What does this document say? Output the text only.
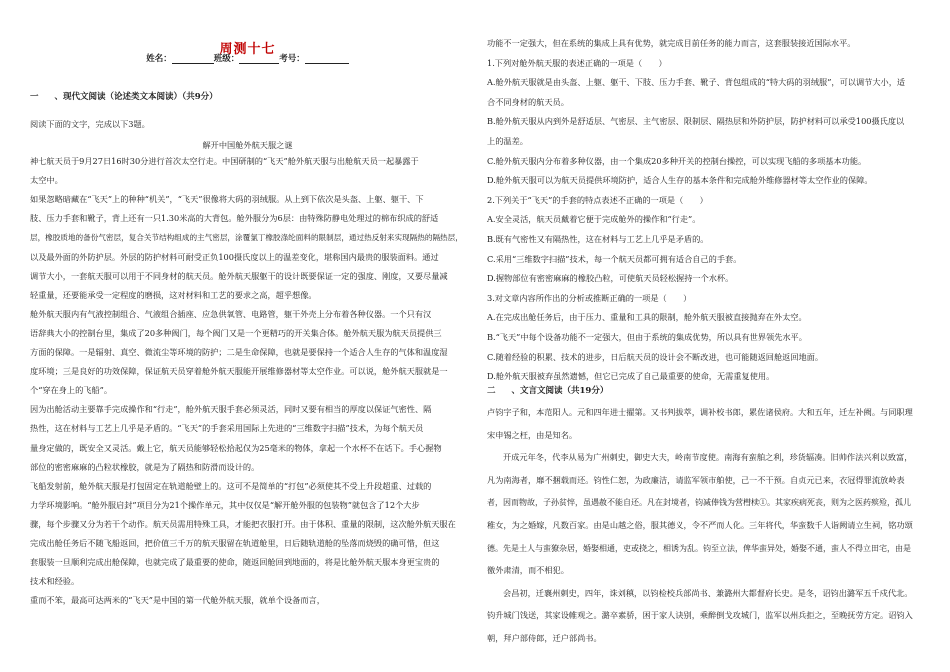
周测十七
姓名：	班级：	考号：
一 、现代文阅读（论述类文本阅读）（共9分）
阅读下面的文字，完成以下3题。
解开中国舱外航天服之谜
神七航天员于9月27日16时30分进行首次太空行走。中国研制的“飞天”舱外航天服与出舱航天员一起暴露于
太空中。
如果忽略暗藏在“飞天”上的种种“机关”，“飞天”很像将大码的羽绒服。从上到下依次是头盔、上躯、躯干、下
肢、压力手套和靴子，背上还有一只1.30米高的大背包。舱外服分为6层：由特殊防静电处理过的棉布织成的舒适
层，橡胶质地的备份气密层，复合关节结构组成的主气密层，涂覆氯丁橡胶涤纶面料的限制层，通过热反射来实现隔热的隔热层，
以及最外面的外防护层。外层的防护材料可耐受正负100摄氏度以上的温差变化，堪称国内最贵的服装面料。通过
调节大小，一套航天服可以用于不同身材的航天员。舱外航天服躯干的设计既要保证一定的强度、刚度，又要尽量减
轻重量，还要能承受一定程度的磨损，这对材料和工艺的要求之高，超乎想像。
舱外航天服内有气液控制组合、气液组合插座、应急供氧管、电路管，躯干外壳上分布着各种仪器。一个只有汉
语辞典大小的控制台里，集成了20多种阀门，每个阀门又是一个更精巧的开关集合体。舱外航天服为航天员提供三
方面的保障。一是辐射、真空、微流尘等环境的防护；二是生命保障，也就是要保持一个适合人生存的气体和温度湿
度环境；三是良好的功效保障，保证航天员穿着舱外航天服能开展维修器材等太空作业。可以说，舱外航天服就是一
个“穿在身上的飞船”。
因为出舱活动主要靠手完成操作和“行走”，舱外航天服手套必须灵活，同时又要有相当的厚度以保证气密性、隔
热性，这在材料与工艺上几乎是矛盾的。“飞天”的手套采用国际上先进的“三维数字扫描”技术，为每个航天员
量身定做的，既安全又灵活。戴上它，航天员能够轻松拾起仅为25毫米的物体，拿起一个水杯不在话下。手心握物
部位的密密麻麻的凸粒状橡胶，就是为了隔热和防滑而设计的。
飞船发射前，舱外航天服是打包固定在轨道舱壁上的。这可不是简单的“打包”必须使其不受上升段超重、过载的
力学环境影响。“舱外服启封”项目分为21个操作单元，其中仅仅是“解开舱外服的包装物”就包含了12个大步
骤，每个步骤又分为若干个动作。航天员需用特殊工具，才能把衣服打开。由于体积、重量的限制，这次舱外航天服在
完成出舱任务后不随飞船返回，把价值三千万的航天服留在轨道舱里，日后随轨道舱的坠落而烧毁的确可惜，但这
套服装一旦顺利完成出舱保障，也就完成了最重要的使命，随返回舱回到地面的，将是比舱外航天服本身更宝贵的
技术和经验。
重而不笨，最高可达两米的“飞天”是中国的第一代舱外航天服，就单个设备而言，
功能不一定强大，但在系统的集成上具有优势，就完成目前任务的能力而言，这套服装接近国际水平。
1.下列对舱外航天服的表述正确的一项是（　　）
A.舱外航天服就是由头盔、上躯、躯干、下肢、压力手套、靴子、背包组成的“特大码的羽绒服”，可以调节大小，适
合不同身材的航天员。
B.舱外航天服从内到外是舒适层、气密层、主气密层、限制层、隔热层和外防护层，防护材料可以承受100摄氏度以
上的温差。
C.舱外航天服内分布着多种仪器，由一个集成20多种开关的控制台操控，可以实现飞船的多项基本功能。
D.舱外航天服可以为航天员提供环境防护，适合人生存的基本条件和完成舱外维修器材等太空作业的保障。
2.下列关于“飞天”的手套的特点表述不正确的一项是（　　）
A.安全灵活，航天员戴着它便于完成舱外的操作和“行走”。
B.既有气密性又有隔热性，这在材料与工艺上几乎是矛盾的。
C.采用“三维数字扫描”技术，每一个航天员都可拥有适合自己的手套。
D.握物部位有密密麻麻的橡胶凸粒，可使航天员轻松握持一个水杯。
3.对文章内容所作出的分析或推断正确的一项是（　　）
A.在完成出舱任务后，由于压力、重量和工具的限制，舱外航天服被直接抛弃在外太空。
B.“飞天”中每个设备功能不一定强大，但由于系统的集成优势，所以具有世界领先水平。
C.随着经验的积累、技术的进步，日后航天员的设计会不断改进，也可能随返回舱返回地面。
D.舱外航天服被弃虽然遗憾，但它已完成了自己最重要的使命，无需重复使用。
二 、文言文阅读（共19分）
卢钧字子和，本范阳人。元和四年进士擢第。又书判拔萃，调补校书郎，累佐诸侯府。大和五年，迁左补阙。与同职理
宋申锡之枉，由是知名。
开成元年冬，代李从易为广州刺史，御史大夫，岭南节度使。南海有蛮舶之利，珍货辐凑。旧帅作法兴利以致富，
凡为南海者，靡不捆载而还。钧性仁恕，为政廉洁，请监军领市舶使，己一不干预。自贞元已来，衣冠得罪流放岭表
者，因而物故，子孙贫悴，虽遇赦不能自还。凡在封境者，钧减俸钱为营槥椟①。其家疾病死丧，则为之医药殡殓，孤儿
稚女，为之婚嫁，凡数百家。由是山越之俗，服其德义，令不严而人化。三年将代，华蛮数千人诣阙请立生祠，铭功颂
德。先是土人与蛮獠杂居，婚娶相通，吏或挠之，相诱为乱。钧至立法，俾华蛮异处，婚娶不通，蛮人不得立田宅，由是
徼外肃清，而不相犯。
会昌初，迁襄州刺史，四年，诛刘稹，以钧检校兵部尚书、兼潞州大都督府长史。是冬，诏钧出潞军五千戍代北。
钧升城门饯送，其家设帷观之。潞卒素骄，困于家人诀别，乘醉倒戈攻城门，监军以州兵拒之，至晚抚劳方定。诏钧入
朝，拜户部侍郎，迁户部尚书。
